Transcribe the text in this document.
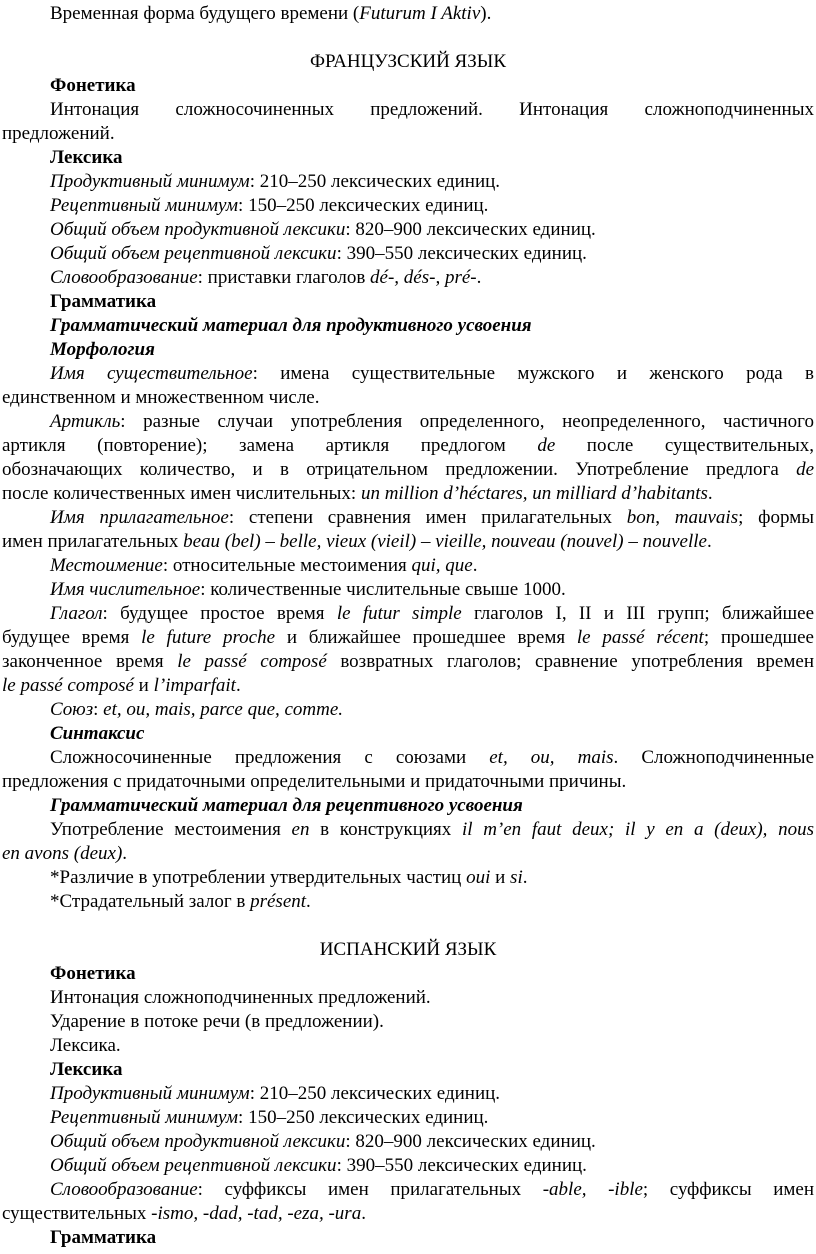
Временная форма будущего времени (Futurum I Aktiv).
ФРАНЦУЗСКИЙ ЯЗЫК
Фонетика
Интонация сложносочиненных предложений. Интонация сложноподчиненных
предложений.
Лексика
Продуктивный минимум: 210–250 лексических единиц.
Рецептивный минимум: 150–250 лексических единиц.
Общий объем продуктивной лексики: 820–900 лексических единиц.
Общий объем рецептивной лексики: 390–550 лексических единиц.
Словообразование: приставки глаголов dé-, dés-, pré-.
Грамматика
Грамматический материал для продуктивного усвоения
Морфология
Имя существительное: имена существительные мужского и женского рода в
единственном и множественном числе.
Артикль: разные случаи употребления определенного, неопределенного, частичного
артикля (повторение); замена артикля предлогом de после существительных,
обозначающих количество, и в отрицательном предложении. Употребление предлога de
после количественных имен числительных: un million d’héctares, un milliard d’habitants.
Имя прилагательное: степени сравнения имен прилагательных bon, mauvais; формы
имен прилагательных beau (bel) – belle, vieux (vieil) – vieille, nouveau (nouvel) – nouvelle.
Местоимение: относительные местоимения qui, que.
Имя числительное: количественные числительные свыше 1000.
Глагол: будущее простое время le futur simple глаголов I, II и III групп; ближайшее
будущее время le future proche и ближайшее прошедшее время le passé récent; прошедшее
законченное время le passé composé возвратных глаголов; сравнение употребления времен
le passé composé и l’imparfait.
Союз: et, ou, mais, parce que, comme.
Синтаксис
Сложносочиненные предложения с союзами et, ou, mais. Сложноподчиненные
предложения с придаточными определительными и придаточными причины.
Грамматический материал для рецептивного усвоения
Употребление местоимения en в конструкциях il m’en faut deux; il y en a (deux), nous
en avons (deux).
*Различие в употреблении утвердительных частиц oui и si.
*Страдательный залог в présent.
ИСПАНСКИЙ ЯЗЫК
Фонетика
Интонация сложноподчиненных предложений.
Ударение в потоке речи (в предложении).
Лексика.
Лексика
Продуктивный минимум: 210–250 лексических единиц.
Рецептивный минимум: 150–250 лексических единиц.
Общий объем продуктивной лексики: 820–900 лексических единиц.
Общий объем рецептивной лексики: 390–550 лексических единиц.
Словообразование: суффиксы имен прилагательных -able, -ible; суффиксы имен
существительных -ismo, -dad, -tad, -eza, -ura.
Грамматика
